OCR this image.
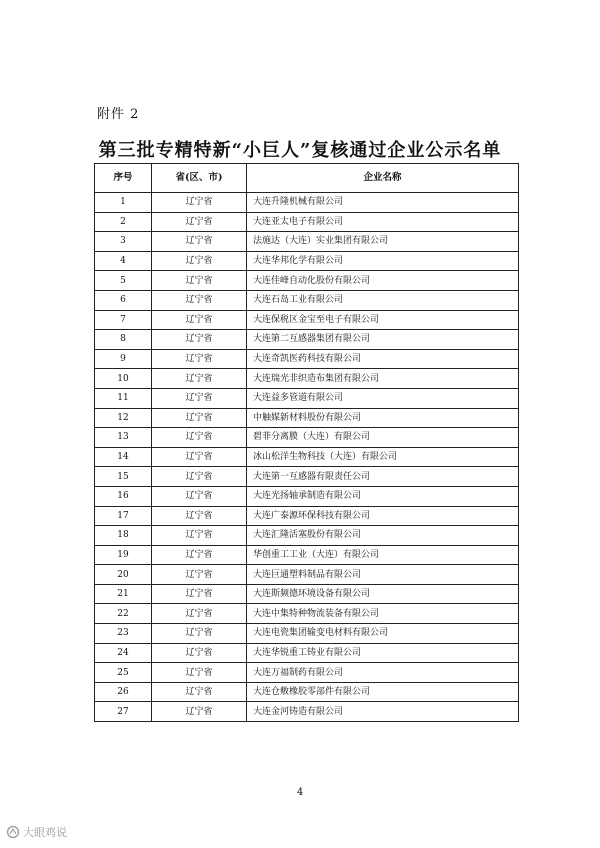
附件 2
第三批专精特新“小巨人”复核通过企业公示名单
序号	省(区、市)	企业名称
1	辽宁省	大连升隆机械有限公司
2	辽宁省	大连亚太电子有限公司
3	辽宁省	法施达（大连）实业集团有限公司
4	辽宁省	大连华邦化学有限公司
5	辽宁省	大连佳峰自动化股份有限公司
6	辽宁省	大连石岛工业有限公司
7	辽宁省	大连保税区金宝至电子有限公司
8	辽宁省	大连第二互感器集团有限公司
9	辽宁省	大连奇凯医药科技有限公司
10	辽宁省	大连瑞光非织造布集团有限公司
11	辽宁省	大连益多管道有限公司
12	辽宁省	中触媒新材料股份有限公司
13	辽宁省	碧菲分离膜（大连）有限公司
14	辽宁省	冰山松洋生物科技（大连）有限公司
15	辽宁省	大连第一互感器有限责任公司
16	辽宁省	大连光扬轴承制造有限公司
17	辽宁省	大连广泰源环保科技有限公司
18	辽宁省	大连汇隆活塞股份有限公司
19	辽宁省	华创重工工业（大连）有限公司
20	辽宁省	大连巨通塑料制品有限公司
21	辽宁省	大连斯频德环境设备有限公司
22	辽宁省	大连中集特种物流装备有限公司
23	辽宁省	大连电瓷集团输变电材料有限公司
24	辽宁省	大连华锐重工铸业有限公司
25	辽宁省	大连万福制药有限公司
26	辽宁省	大连仓敷橡胶零部件有限公司
27	辽宁省	大连金河铸造有限公司
4
大眼鸡说
